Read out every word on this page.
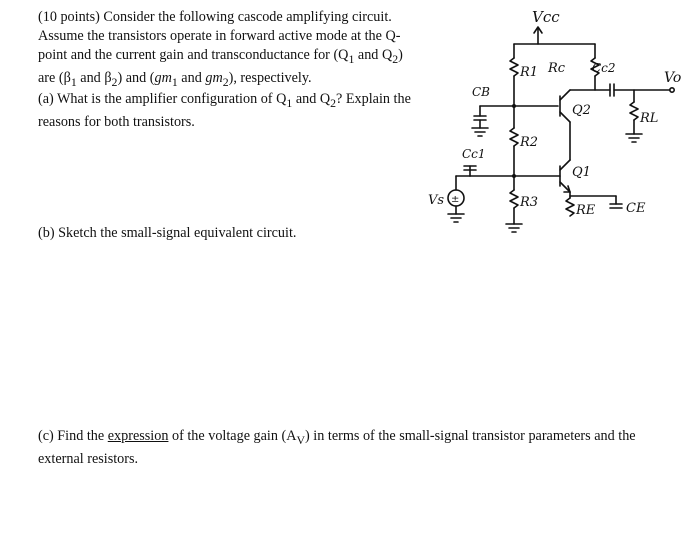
(10 points) Consider the following cascode amplifying circuit. Assume the transistors operate in forward active mode at the Q-point and the current gain and transconductance for ($Q_1$ and $Q_2$) are ($\beta_1$ and $\beta_2$) and ($gm_1$ and $gm_2$), respectively.
(a) What is the amplifier configuration of $Q_1$ and $Q_2$? Explain the reasons for both transistors.
(b) Sketch the small-signal equivalent circuit.
(c) Find the expression of the voltage gain $(A_V)$ in terms of the small-signal transistor parameters and the external resistors.
Vcc
R1 Rc Cc2
Vo
RL
Q2
CB
R2
Q1
Cc1
±
Vs	R3
RE CE
